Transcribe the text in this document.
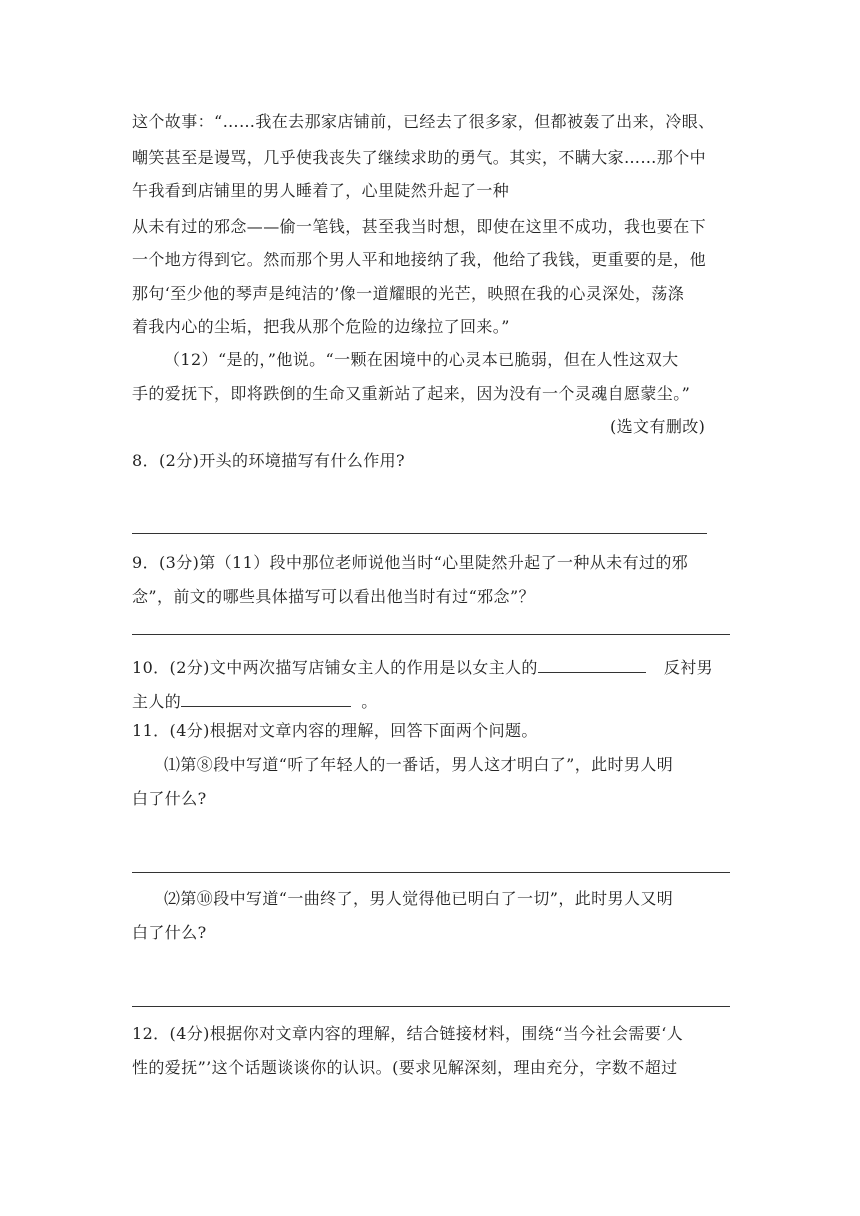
这个故事：“……我在去那家店铺前，已经去了很多家，但都被轰了出来，冷眼、
嘲笑甚至是谩骂，几乎使我丧失了继续求助的勇气。其实，不瞒大家……那个中
午我看到店铺里的男人睡着了，心里陡然升起了一种
从未有过的邪念——偷一笔钱，甚至我当时想，即使在这里不成功，我也要在下
一个地方得到它。然而那个男人平和地接纳了我，他给了我钱，更重要的是，他
那句‘至少他的琴声是纯洁的’像一道耀眼的光芒，映照在我的心灵深处，荡涤
着我内心的尘垢，把我从那个危险的边缘拉了回来。”
（12）“是的，”他说。“一颗在困境中的心灵本已脆弱，但在人性这双大
手的爱抚下，即将跌倒的生命又重新站了起来，因为没有一个灵魂自愿蒙尘。”
(选文有删改)
8．(2分)开头的环境描写有什么作用?
9．(3分)第（11）段中那位老师说他当时“心里陡然升起了一种从未有过的邪
念”，前文的哪些具体描写可以看出他当时有过“邪念”？
10．(2分)文中两次描写店铺女主人的作用是以女主人的	反衬男
主人的	。
11．(4分)根据对文章内容的理解，回答下面两个问题。
⑴第⑧段中写道“听了年轻人的一番话，男人这才明白了”，此时男人明
白了什么?
⑵第⑩段中写道“一曲终了，男人觉得他已明白了一切”，此时男人又明
白了什么?
12．(4分)根据你对文章内容的理解，结合链接材料，围绕“当今社会需要‘人
性的爱抚”’这个话题谈谈你的认识。(要求见解深刻，理由充分，字数不超过
